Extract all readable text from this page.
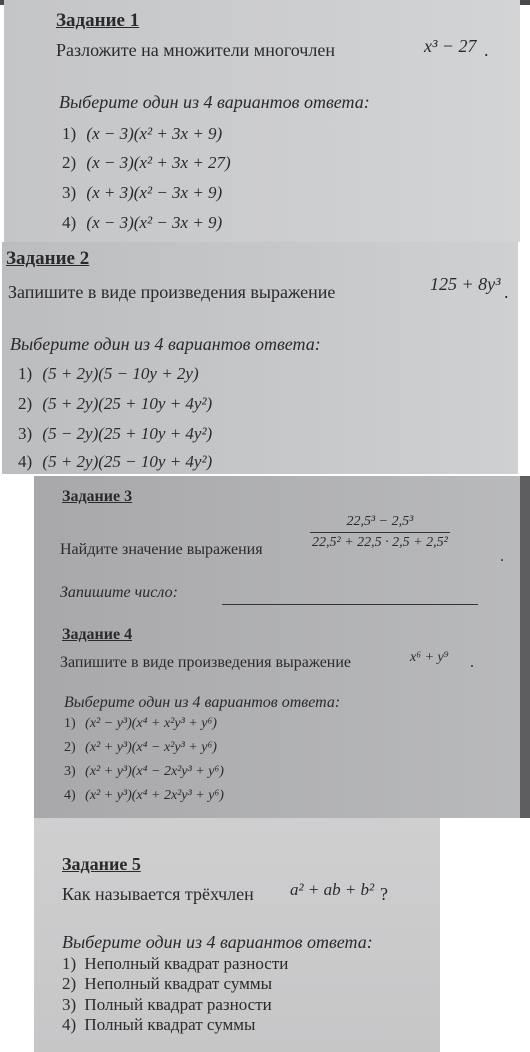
Задание 1
Разложите на множители многочлен	x³ − 27 .
Выберите один из 4 вариантов ответа:
1) (x − 3)(x² + 3x + 9)
2) (x − 3)(x² + 3x + 27)
3) (x + 3)(x² − 3x + 9)
4) (x − 3)(x² − 3x + 9)
Задание 2
Запишите в виде произведения выражение	125 + 8y³ .
Выберите один из 4 вариантов ответа:
1) (5 + 2y)(5 − 10y + 2y)
2) (5 + 2y)(25 + 10y + 4y²)
3) (5 − 2y)(25 + 10y + 4y²)
4) (5 + 2y)(25 − 10y + 4y²)
Задание 3
Найдите значение выражения	$\frac{\text{22,5³ − 2,5³}}{\text{22,5² + 22,5 · 2,5 + 2,5²}}$
.
Запишите число:
Задание 4
Запишите в виде произведения выражение	x⁶ + y⁹ .
Выберите один из 4 вариантов ответа:
1) (x² − y³)(x⁴ + x²y³ + y⁶)
2) (x² + y³)(x⁴ − x²y³ + y⁶)
3) (x² + y³)(x⁴ − 2x²y³ + y⁶)
4) (x² + y³)(x⁴ + 2x²y³ + y⁶)
Задание 5
Как называется трёхчлен a² + ab + b² ?
Выберите один из 4 вариантов ответа:
1) Неполный квадрат разности
2) Неполный квадрат суммы
3) Полный квадрат разности
4) Полный квадрат суммы
